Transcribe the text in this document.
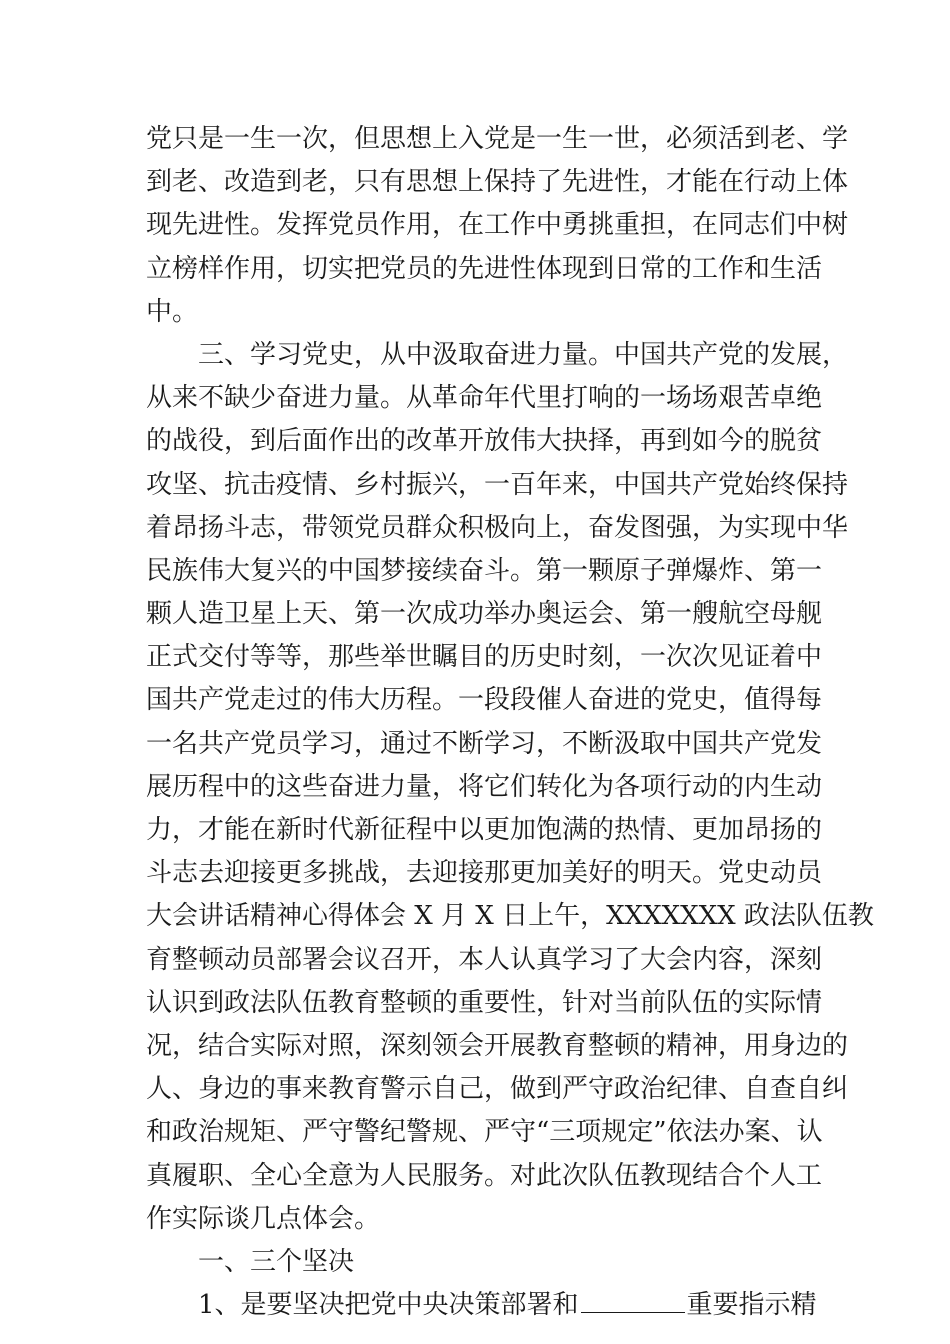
党只是一生一次，但思想上入党是一生一世，必须活到老、学
到老、改造到老，只有思想上保持了先进性，才能在行动上体
现先进性。发挥党员作用，在工作中勇挑重担，在同志们中树
立榜样作用，切实把党员的先进性体现到日常的工作和生活
中。
三、学习党史，从中汲取奋进力量。中国共产党的发展，
从来不缺少奋进力量。从革命年代里打响的一场场艰苦卓绝
的战役，到后面作出的改革开放伟大抉择，再到如今的脱贫
攻坚、抗击疫情、乡村振兴，一百年来，中国共产党始终保持
着昂扬斗志，带领党员群众积极向上，奋发图强，为实现中华
民族伟大复兴的中国梦接续奋斗。第一颗原子弹爆炸、第一
颗人造卫星上天、第一次成功举办奥运会、第一艘航空母舰
正式交付等等，那些举世瞩目的历史时刻，一次次见证着中
国共产党走过的伟大历程。一段段催人奋进的党史，值得每
一名共产党员学习，通过不断学习，不断汲取中国共产党发
展历程中的这些奋进力量，将它们转化为各项行动的内生动
力，才能在新时代新征程中以更加饱满的热情、更加昂扬的
斗志去迎接更多挑战，去迎接那更加美好的明天。党史动员
大会讲话精神心得体会 X 月 X 日上午，XXXXXXX 政法队伍教
育整顿动员部署会议召开，本人认真学习了大会内容，深刻
认识到政法队伍教育整顿的重要性，针对当前队伍的实际情
况，结合实际对照，深刻领会开展教育整顿的精神，用身边的
人、身边的事来教育警示自己，做到严守政治纪律、自查自纠
和政治规矩、严守警纪警规、严守“三项规定”依法办案、认
真履职、全心全意为人民服务。对此次队伍教现结合个人工
作实际谈几点体会。
一、三个坚决
1、是要坚决把党中央决策部署和	重要指示精
